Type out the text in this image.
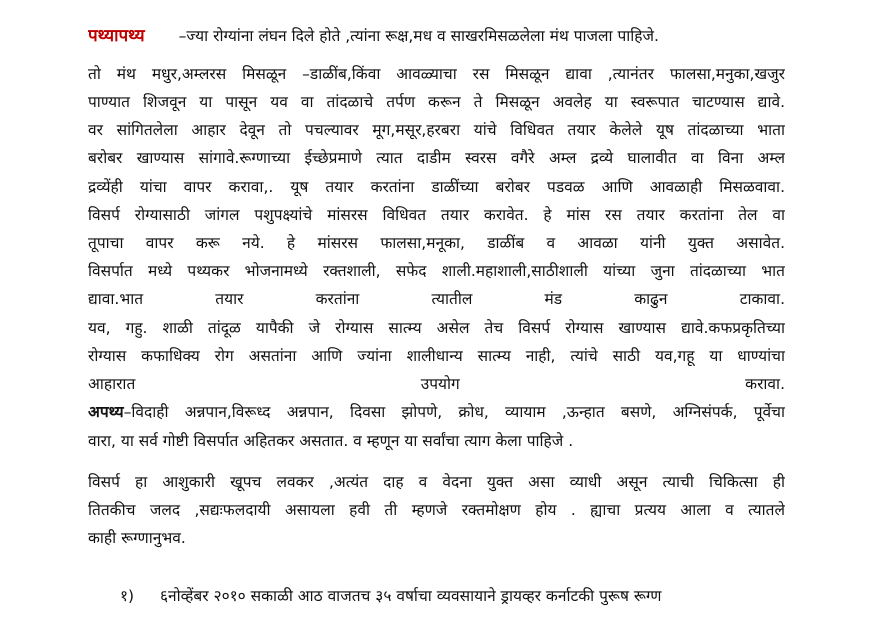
पथ्यापथ्य –ज्या रोग्यांना लंघन दिले होते ,त्यांना रूक्ष,मध व साखरमिसळलेला मंथ पाजला पाहिजे.
तो मंथ मधुर,अम्लरस मिसळून –डाळींब,किंवा आवळ्याचा रस मिसळून द्यावा ,त्यानंतर फालसा,मनुका,खजुर
पाण्यात शिजवून या पासून यव वा तांदळाचे तर्पण करून ते मिसळून अवलेह या स्वरूपात चाटण्यास द्यावे.
वर सांगितलेला आहार देवून तो पचल्यावर मूग,मसूर,हरबरा यांचे विधिवत तयार केलेले यूष तांदळाच्या भाता
बरोबर खाण्यास सांगावे.रूग्णाच्या ईच्छेप्रमाणे त्यात दाडीम स्वरस वगैरे अम्ल द्रव्ये घालावीत वा विना अम्ल
द्रव्येंही यांचा वापर करावा,. यूष तयार करतांना डाळींच्या बरोबर पडवळ आणि आवळाही मिसळवावा.
विसर्प रोग्यासाठी जांगल पशुपक्ष्यांचे मांसरस विधिवत तयार करावेत. हे मांस रस तयार करतांना तेल वा
तूपाचा वापर करू नये. हे मांसरस फालसा,मनूका, डाळींब व आवळा यांनी युक्त असावेत.
विसर्पात मध्ये पथ्यकर भोजनामध्ये रक्तशाली, सफेद शाली.महाशाली,साठीशाली यांच्या जुना तांदळाच्या भात
द्यावा.भात तयार करतांना त्यातील मंड काढुन टाकावा.
यव, गहु. शाळी तांदूळ यापैकी जे रोग्यास सात्म्य असेल तेच विसर्प रोग्यास खाण्यास द्यावे.कफप्रकृतिच्या
रोग्यास कफाधिक्य रोग असतांना आणि ज्यांना शालीधान्य सात्म्य नाही, त्यांचे साठी यव,गहू या धाण्यांचा
आहारात उपयोग करावा.
अपथ्य–विदाही अन्नपान,विरूध्द अन्नपान, दिवसा झोपणे, क्रोध, व्यायाम ,ऊन्हात बसणे, अग्निसंपर्क, पूर्वेचा
वारा, या सर्व गोष्टी विसर्पात अहितकर असतात. व म्हणून या सर्वांचा त्याग केला पाहिजे .
विसर्प हा आशुकारी खूपच लवकर ,अत्यंत दाह व वेदना युक्त असा व्याधी असून त्याची चिकित्सा ही
तितकीच जलद ,सद्यःफलदायी असायला हवी ती म्हणजे रक्तमोक्षण होय . ह्याचा प्रत्यय आला व त्यातले
काही रूग्णानुभव.
१) ६नोव्हेंबर २०१० सकाळी आठ वाजतच ३५ वर्षाचा व्यवसायाने ड्रायव्हर कर्नाटकी पुरूष रूग्ण
